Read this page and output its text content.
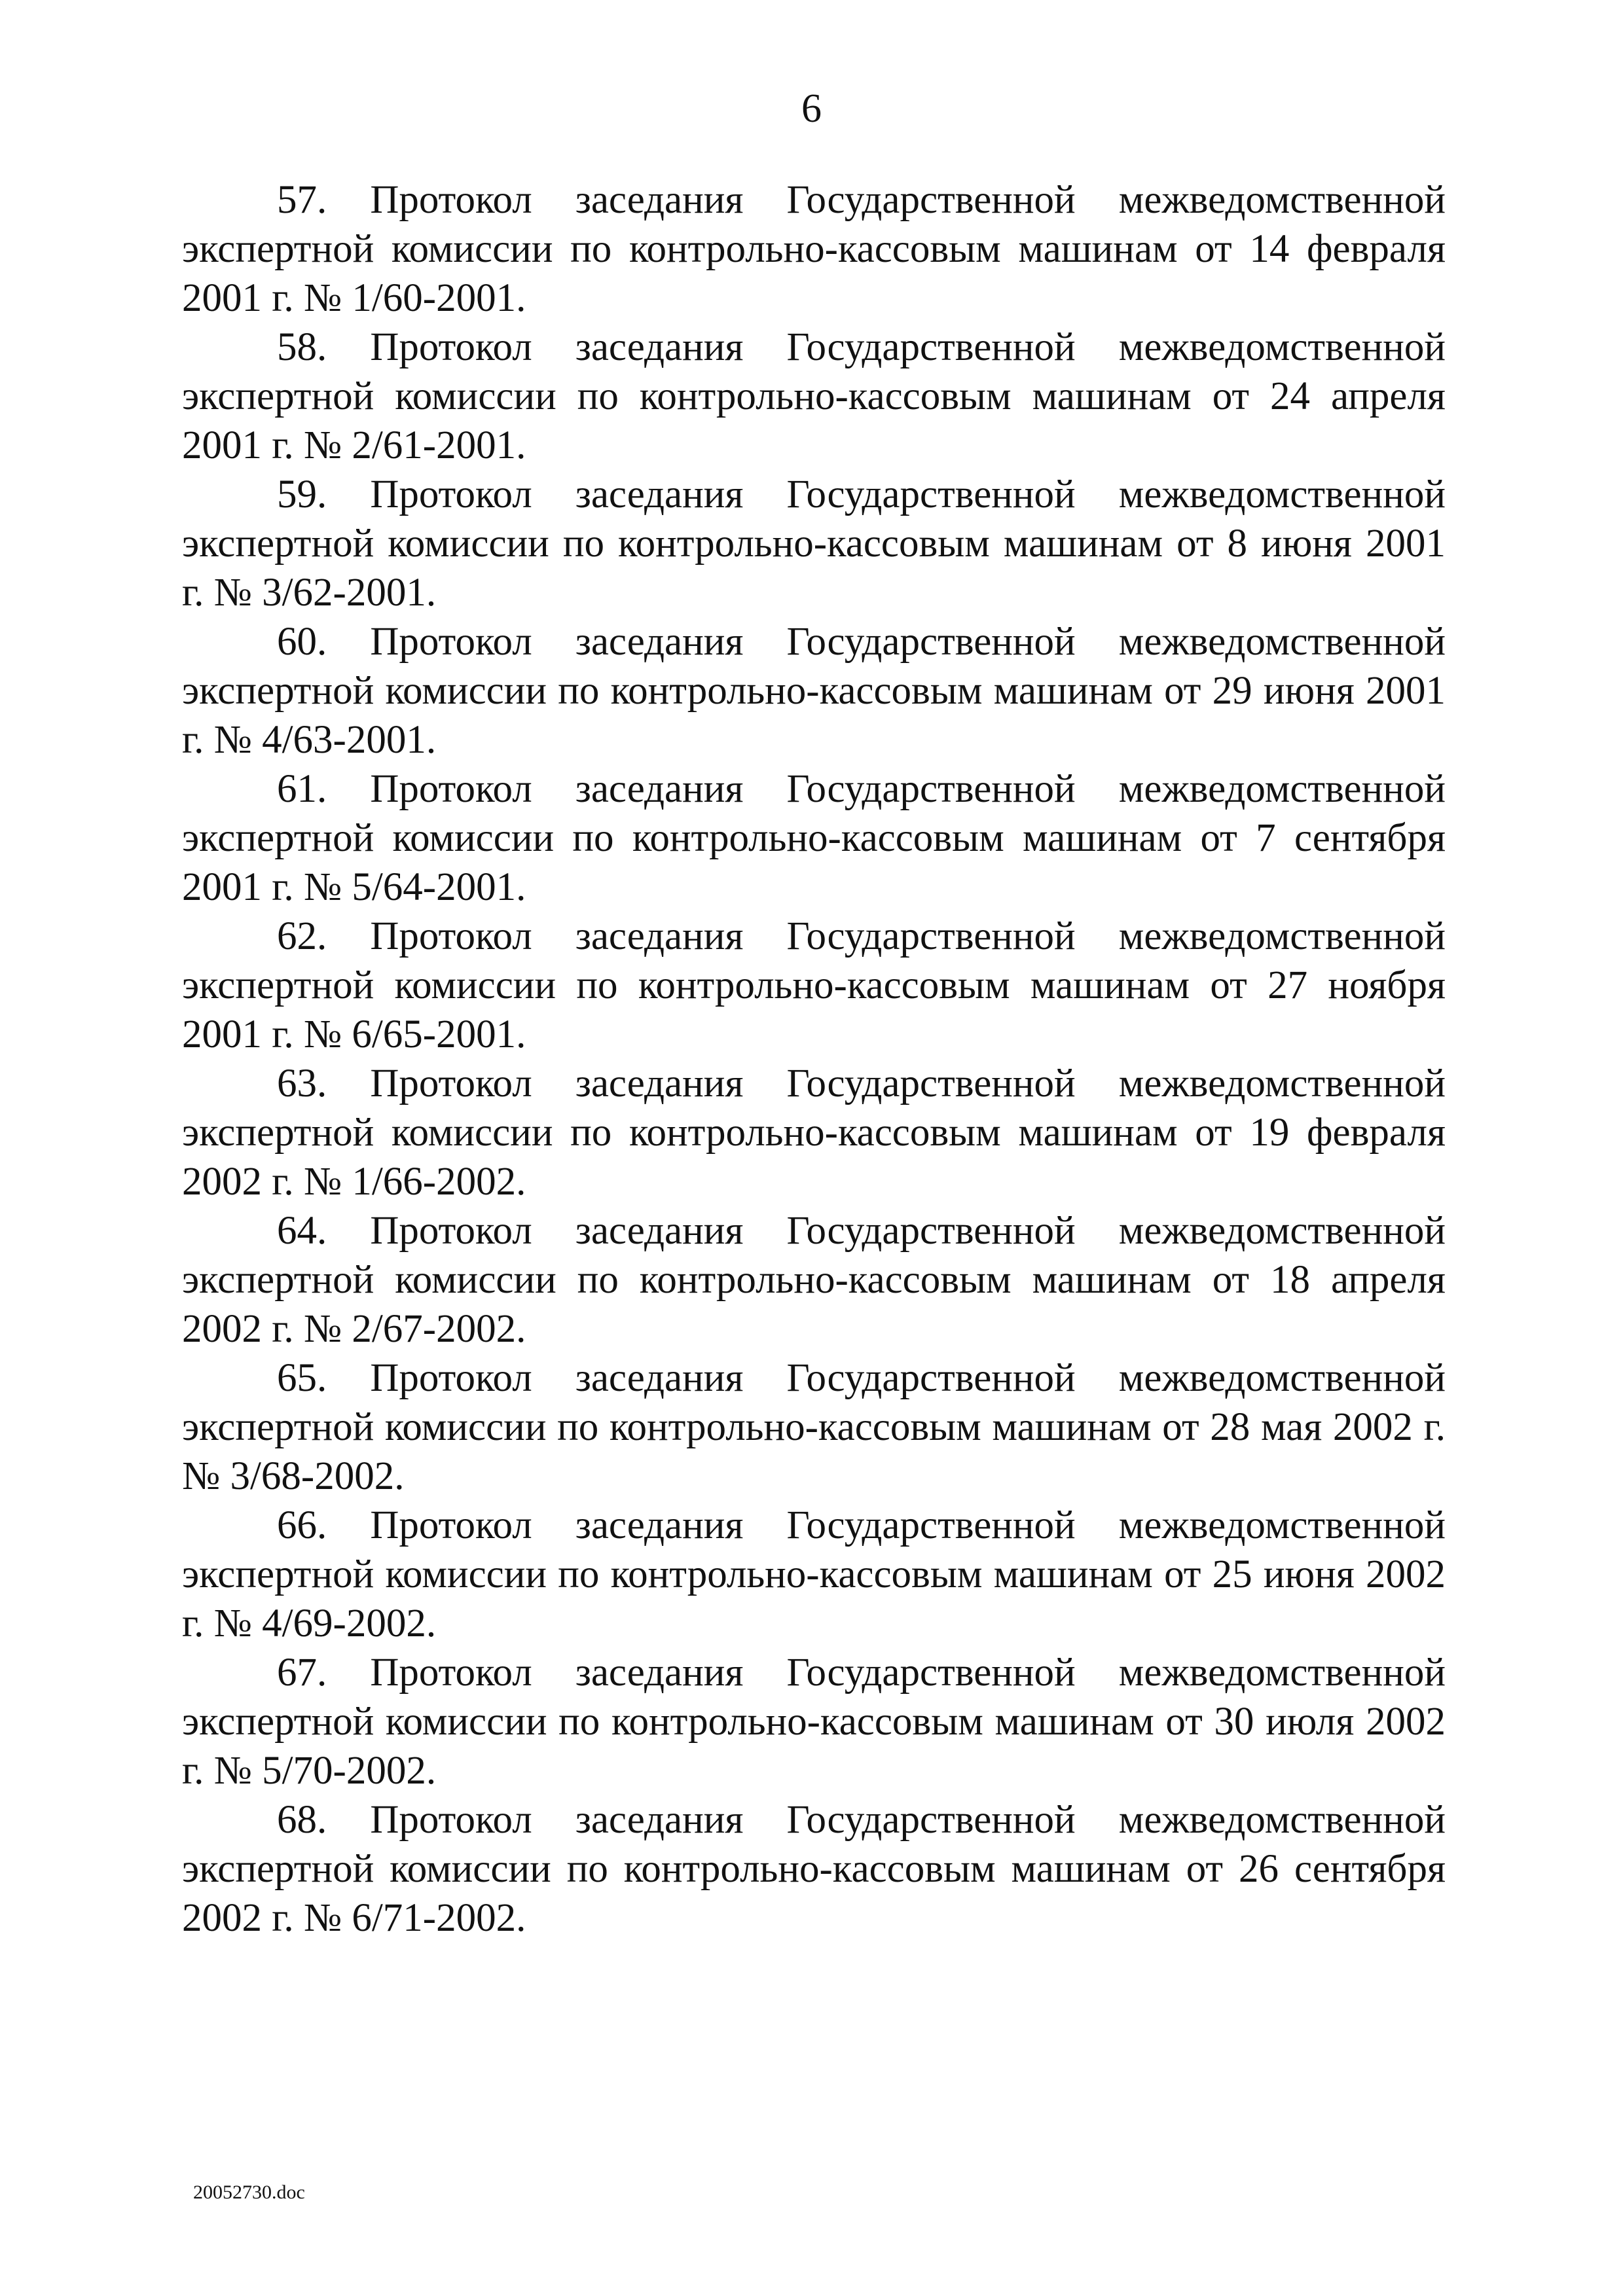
6
57. Протокол заседания Государственной межведомственной экспертной комиссии по контрольно-кассовым машинам от 14 февраля 2001 г. № 1/60-2001.
58. Протокол заседания Государственной межведомственной экспертной комиссии по контрольно-кассовым машинам от 24 апреля 2001 г. № 2/61-2001.
59. Протокол заседания Государственной межведомственной экспертной комиссии по контрольно-кассовым машинам от 8 июня 2001 г. № 3/62-2001.
60. Протокол заседания Государственной межведомственной экспертной комиссии по контрольно-кассовым машинам от 29 июня 2001 г. № 4/63-2001.
61. Протокол заседания Государственной межведомственной экспертной комиссии по контрольно-кассовым машинам от 7 сентября 2001 г. № 5/64-2001.
62. Протокол заседания Государственной межведомственной экспертной комиссии по контрольно-кассовым машинам от 27 ноября 2001 г. № 6/65-2001.
63. Протокол заседания Государственной межведомственной экспертной комиссии по контрольно-кассовым машинам от 19 февраля 2002 г. № 1/66-2002.
64. Протокол заседания Государственной межведомственной экспертной комиссии по контрольно-кассовым машинам от 18 апреля 2002 г. № 2/67-2002.
65. Протокол заседания Государственной межведомственной экспертной комиссии по контрольно-кассовым машинам от 28 мая 2002 г. № 3/68-2002.
66. Протокол заседания Государственной межведомственной экспертной комиссии по контрольно-кассовым машинам от 25 июня 2002 г. № 4/69-2002.
67. Протокол заседания Государственной межведомственной экспертной комиссии по контрольно-кассовым машинам от 30 июля 2002 г. № 5/70-2002.
68. Протокол заседания Государственной межведомственной экспертной комиссии по контрольно-кассовым машинам от 26 сентября 2002 г. № 6/71-2002.
20052730.doc
